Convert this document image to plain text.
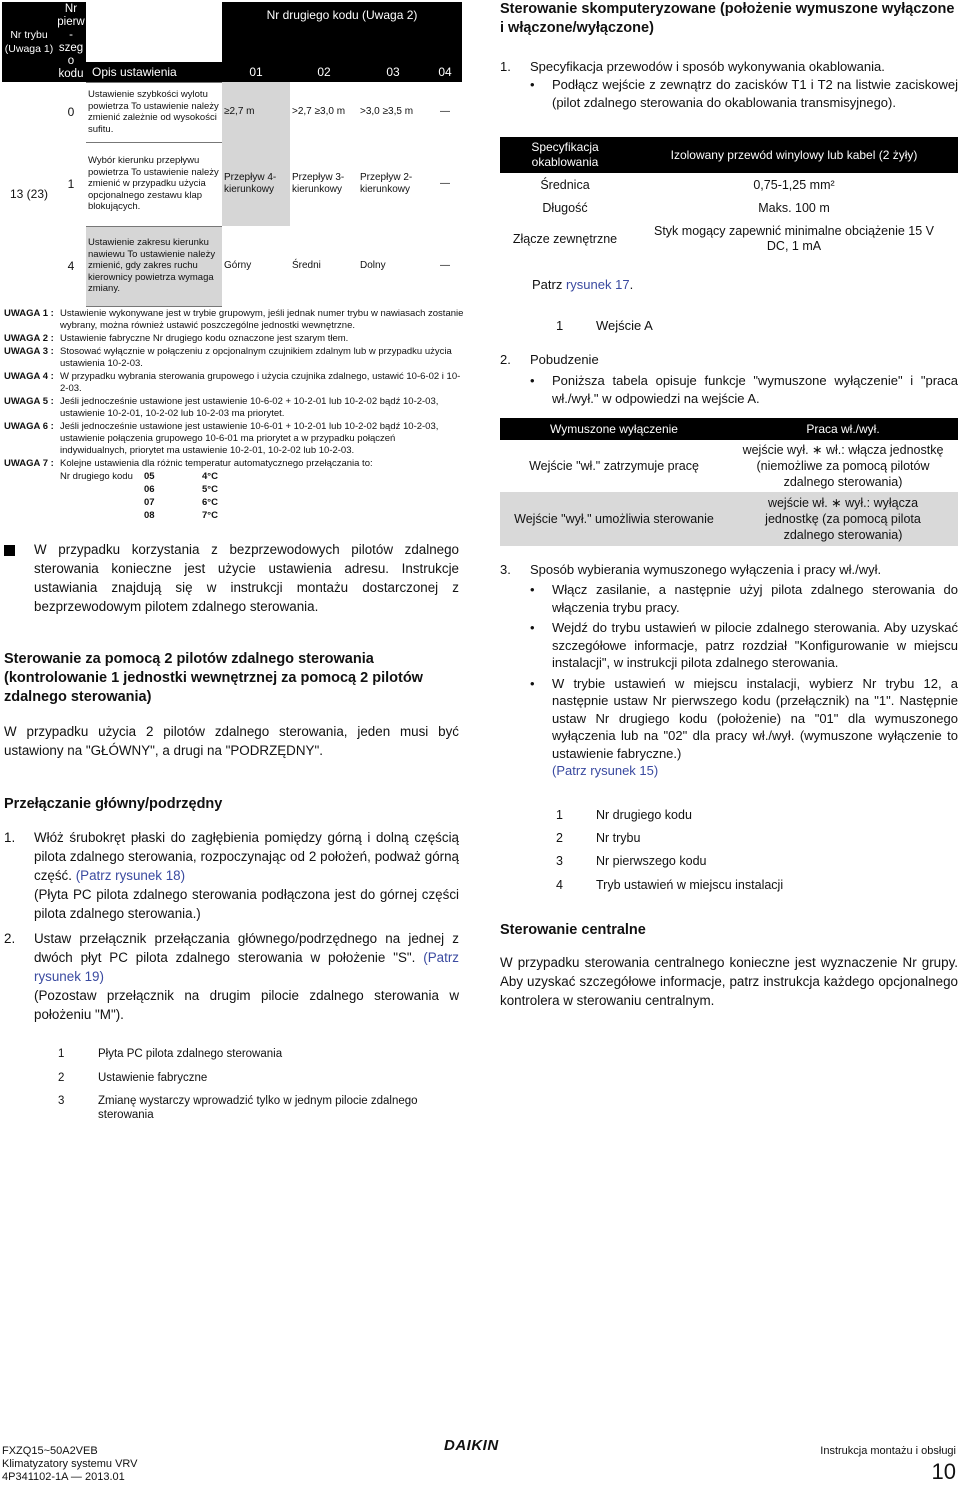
Nr trybu (Uwaga 1)	Nr pierw-szego kodu		Nr drugiego kodu (Uwaga 2)			
		Opis ustawienia	01	02	03	04
13 (23)	0	Ustawienie szybkości wylotu powietrza To ustawienie należy zmienić zależnie od wysokości sufitu.	≥2,7 m	>2,7 ≥3,0 m	>3,0 ≥3,5 m	—
	1	Wybór kierunku przepływu powietrza To ustawienie należy zmienić w przypadku użycia opcjonalnego zestawu klap blokujących.	Przepływ 4-kierunkowy	Przepływ 3-kierunkowy	Przepływ 2-kierunkowy	—
	4	Ustawienie zakresu kierunku nawiewu To ustawienie należy zmienić, gdy zakres ruchu kierownicy powietrza wymaga zmiany.	Górny	Średni	Dolny	—
UWAGA 1 : Ustawienie wykonywane jest w trybie grupowym, jeśli jednak numer trybu w nawiasach zostanie wybrany, można również ustawić poszczególne jednostki wewnętrzne.
UWAGA 2 : Ustawienie fabryczne Nr drugiego kodu oznaczone jest szarym tłem.
UWAGA 3 : Stosować wyłącznie w połączeniu z opcjonalnym czujnikiem zdalnym lub w przypadku użycia ustawienia 10-2-03.
UWAGA 4 : W przypadku wybrania sterowania grupowego i użycia czujnika zdalnego, ustawić 10-6-02 i 10-2-03.
UWAGA 5 : Jeśli jednocześnie ustawione jest ustawienie 10-6-02 + 10-2-01 lub 10-2-02 bądź 10-2-03, ustawienie 10-2-01, 10-2-02 lub 10-2-03 ma priorytet.
UWAGA 6 : Jeśli jednocześnie ustawione jest ustawienie 10-6-01 + 10-2-01 lub 10-2-02 bądź 10-2-03, ustawienie połączenia grupowego 10-6-01 ma priorytet a w przypadku połączeń indywidualnych, priorytet ma ustawienie 10-2-01, 10-2-02 lub 10-2-03.
UWAGA 7 : Kolejne ustawienia dla różnic temperatur automatycznego przełączania to:
Nr drugiego kodu	05	4°C
	06	5°C
	07	6°C
	08	7°C
W przypadku korzystania z bezprzewodowych pilotów zdalnego sterowania konieczne jest użycie ustawienia adresu. Instrukcje ustawiania znajdują się w instrukcji montażu dostarczonej z bezprzewodowym pilotem zdalnego sterowania.
Sterowanie za pomocą 2 pilotów zdalnego sterowania (kontrolowanie 1 jednostki wewnętrznej za pomocą 2 pilotów zdalnego sterowania)
W przypadku użycia 2 pilotów zdalnego sterowania, jeden musi być ustawiony na "GŁÓWNY", a drugi na "PODRZĘDNY".
Przełączanie główny/podrzędny
1.	Włóż śrubokręt płaski do zagłębienia pomiędzy górną i dolną częścią pilota zdalnego sterowania, rozpoczynając od 2 położeń, podważ górną część. (Patrz rysunek 18)
(Płyta PC pilota zdalnego sterowania podłączona jest do górnej części pilota zdalnego sterowania.)
2.	Ustaw przełącznik przełączania głównego/podrzędnego na jednej z dwóch płyt PC pilota zdalnego sterowania w położenie "S". (Patrz rysunek 19)
(Pozostaw przełącznik na drugim pilocie zdalnego sterowania w położeniu "M").
1	Płyta PC pilota zdalnego sterowania
2	Ustawienie fabryczne
3	Zmianę wystarczy wprowadzić tylko w jednym pilocie zdalnego sterowania
Sterowanie skomputeryzowane (położenie wymuszone wyłączone i włączone/wyłączone)
1.	Specyfikacja przewodów i sposób wykonywania okablowania.
•	Podłącz wejście z zewnątrz do zacisków T1 i T2 na listwie zaciskowej (pilot zdalnego sterowania do okablowania transmisyjnego).
Specyfikacja okablowania	Izolowany przewód winylowy lub kabel (2 żyły)
Średnica	0,75-1,25 mm²
Długość	Maks. 100 m
Złącze zewnętrzne	Styk mogący zapewnić minimalne obciążenie 15 V DC, 1 mA
Patrz rysunek 17.
1	Wejście A
2.	Pobudzenie
•	Poniższa tabela opisuje funkcje "wymuszone wyłączenie" i "praca wł./wył." w odpowiedzi na wejście A.
Wymuszone wyłączenie	Praca wł./wył.
Wejście "wł." zatrzymuje pracę	wejście wył. ∗ wł.: włącza jednostkę (niemożliwe za pomocą pilotów zdalnego sterowania)
Wejście "wył." umożliwia sterowanie	wejście wł. ∗ wył.: wyłącza jednostkę (za pomocą pilota zdalnego sterowania)
3.	Sposób wybierania wymuszonego wyłączenia i pracy wł./wył.
•	Włącz zasilanie, a następnie użyj pilota zdalnego sterowania do włączenia trybu pracy.
•	Wejdź do trybu ustawień w pilocie zdalnego sterowania. Aby uzyskać szczegółowe informacje, patrz rozdział "Konfigurowanie w miejscu instalacji", w instrukcji pilota zdalnego sterowania.
•	W trybie ustawień w miejscu instalacji, wybierz Nr trybu 12, a następnie ustaw Nr pierwszego kodu (przełącznik) na "1". Następnie ustaw Nr drugiego kodu (położenie) na "01" dla wymuszonego wyłączenia lub na "02" dla pracy wł./wył. (wymuszone wyłączenie to ustawienie fabryczne.)
(Patrz rysunek 15)
1	Nr drugiego kodu
2	Nr trybu
3	Nr pierwszego kodu
4	Tryb ustawień w miejscu instalacji
Sterowanie centralne
W przypadku sterowania centralnego konieczne jest wyznaczenie Nr grupy. Aby uzyskać szczegółowe informacje, patrz instrukcja każdego opcjonalnego kontrolera w sterowaniu centralnym.
FXZQ15~50A2VEB
Klimatyzatory systemu VRV
4P341102-1A — 2013.01
DAIKIN	Instrukcja montażu i obsługi
10
